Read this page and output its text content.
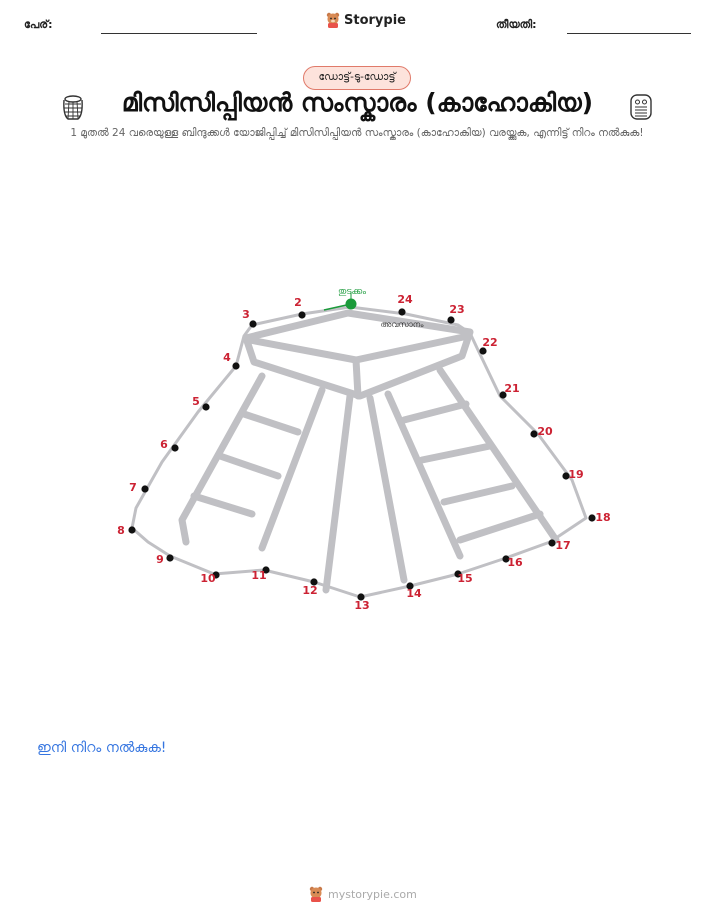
പേര്:	Storypie	തീയതി:
ഡോട്ട്-ടു-ഡോട്ട്
മിസിസിപ്പിയൻ സംസ്കാരം (കാഹോകിയ)
1 മുതൽ 24 വരെയുള്ള ബിന്ദുക്കൾ യോജിപ്പിച്ച് മിസിസിപ്പിയൻ സംസ്കാരം (കാഹോകിയ) വരയ്ക്കുക, എന്നിട്ട് നിറം നൽകുക!
തുടക്കം
അവസാനം
2
3
4
5
6
7
8
9
10	11
12
13
14
15
16
17
18
19
20
21
22
23
24
ഇനി നിറം നൽകുക!
mystorypie.com
